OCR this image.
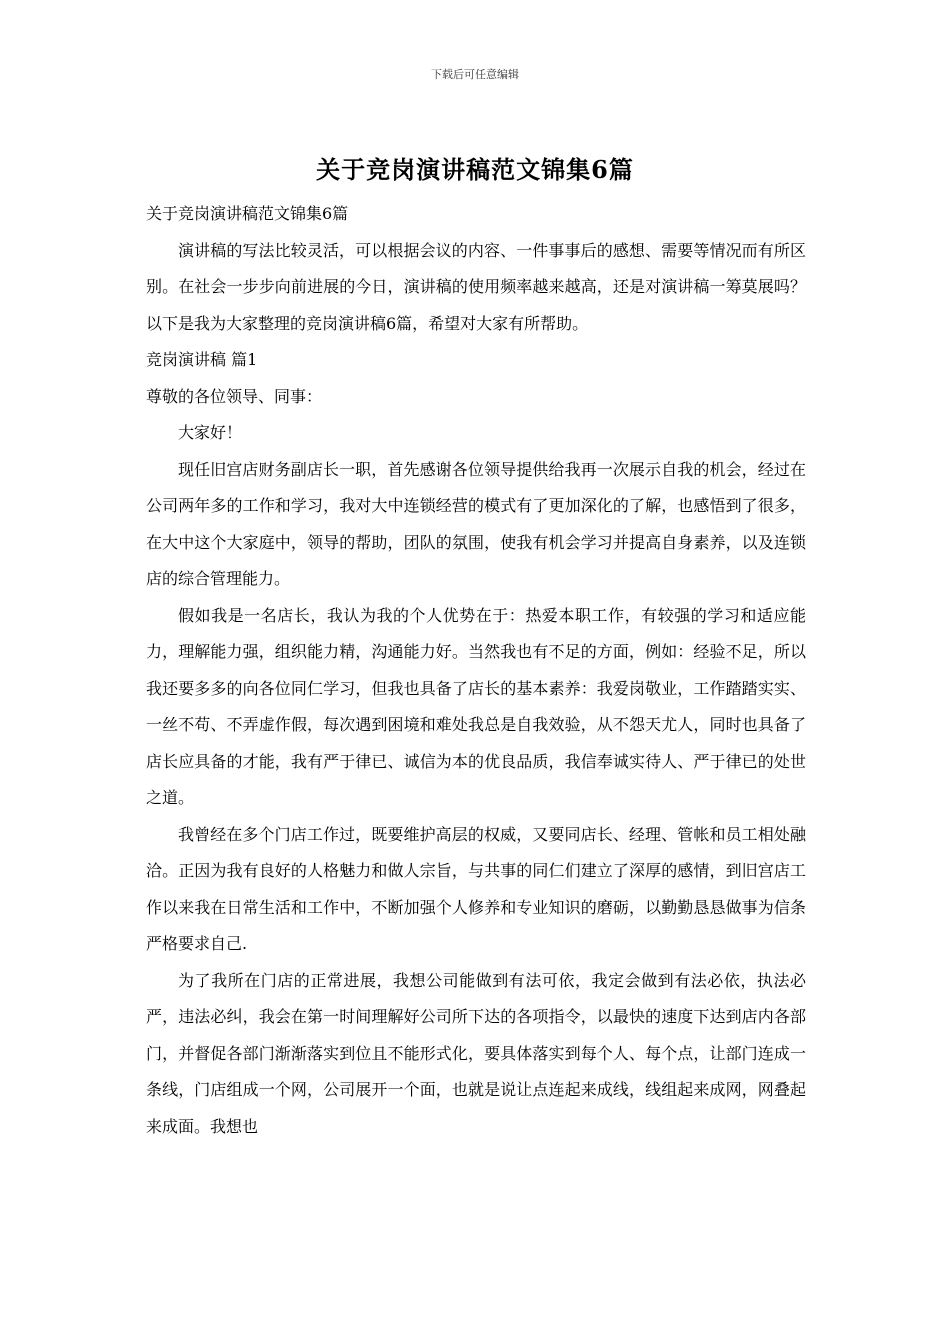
下载后可任意编辑
关于竞岗演讲稿范文锦集6篇

关于竞岗演讲稿范文锦集6篇

演讲稿的写法比较灵活，可以根据会议的内容、一件事事后的感想、需要等情况而有所区别。在社会一步步向前进展的今日，演讲稿的使用频率越来越高，还是对演讲稿一筹莫展吗？以下是我为大家整理的竞岗演讲稿6篇，希望对大家有所帮助。

竞岗演讲稿 篇1

尊敬的各位领导、同事：

大家好！

现任旧宫店财务副店长一职，首先感谢各位领导提供给我再一次展示自我的机会，经过在公司两年多的工作和学习，我对大中连锁经营的模式有了更加深化的了解，也感悟到了很多，在大中这个大家庭中，领导的帮助，团队的氛围，使我有机会学习并提高自身素养，以及连锁店的综合管理能力。

假如我是一名店长，我认为我的个人优势在于：热爱本职工作，有较强的学习和适应能力，理解能力强，组织能力精，沟通能力好。当然我也有不足的方面，例如：经验不足，所以我还要多多的向各位同仁学习，但我也具备了店长的基本素养：我爱岗敬业，工作踏踏实实、一丝不苟、不弄虚作假，每次遇到困境和难处我总是自我效验，从不怨天尤人，同时也具备了店长应具备的才能，我有严于律已、诚信为本的优良品质，我信奉诚实待人、严于律已的处世之道。

我曾经在多个门店工作过，既要维护高层的权威，又要同店长、经理、管帐和员工相处融洽。正因为我有良好的人格魅力和做人宗旨，与共事的同仁们建立了深厚的感情，到旧宫店工作以来我在日常生活和工作中，不断加强个人修养和专业知识的磨砺，以勤勤恳恳做事为信条严格要求自己.

为了我所在门店的正常进展，我想公司能做到有法可依，我定会做到有法必依，执法必严，违法必纠，我会在第一时间理解好公司所下达的各项指令，以最快的速度下达到店内各部门，并督促各部门渐渐落实到位且不能形式化，要具体落实到每个人、每个点，让部门连成一条线，门店组成一个网，公司展开一个面，也就是说让点连起来成线，线组起来成网，网叠起来成面。我想也
